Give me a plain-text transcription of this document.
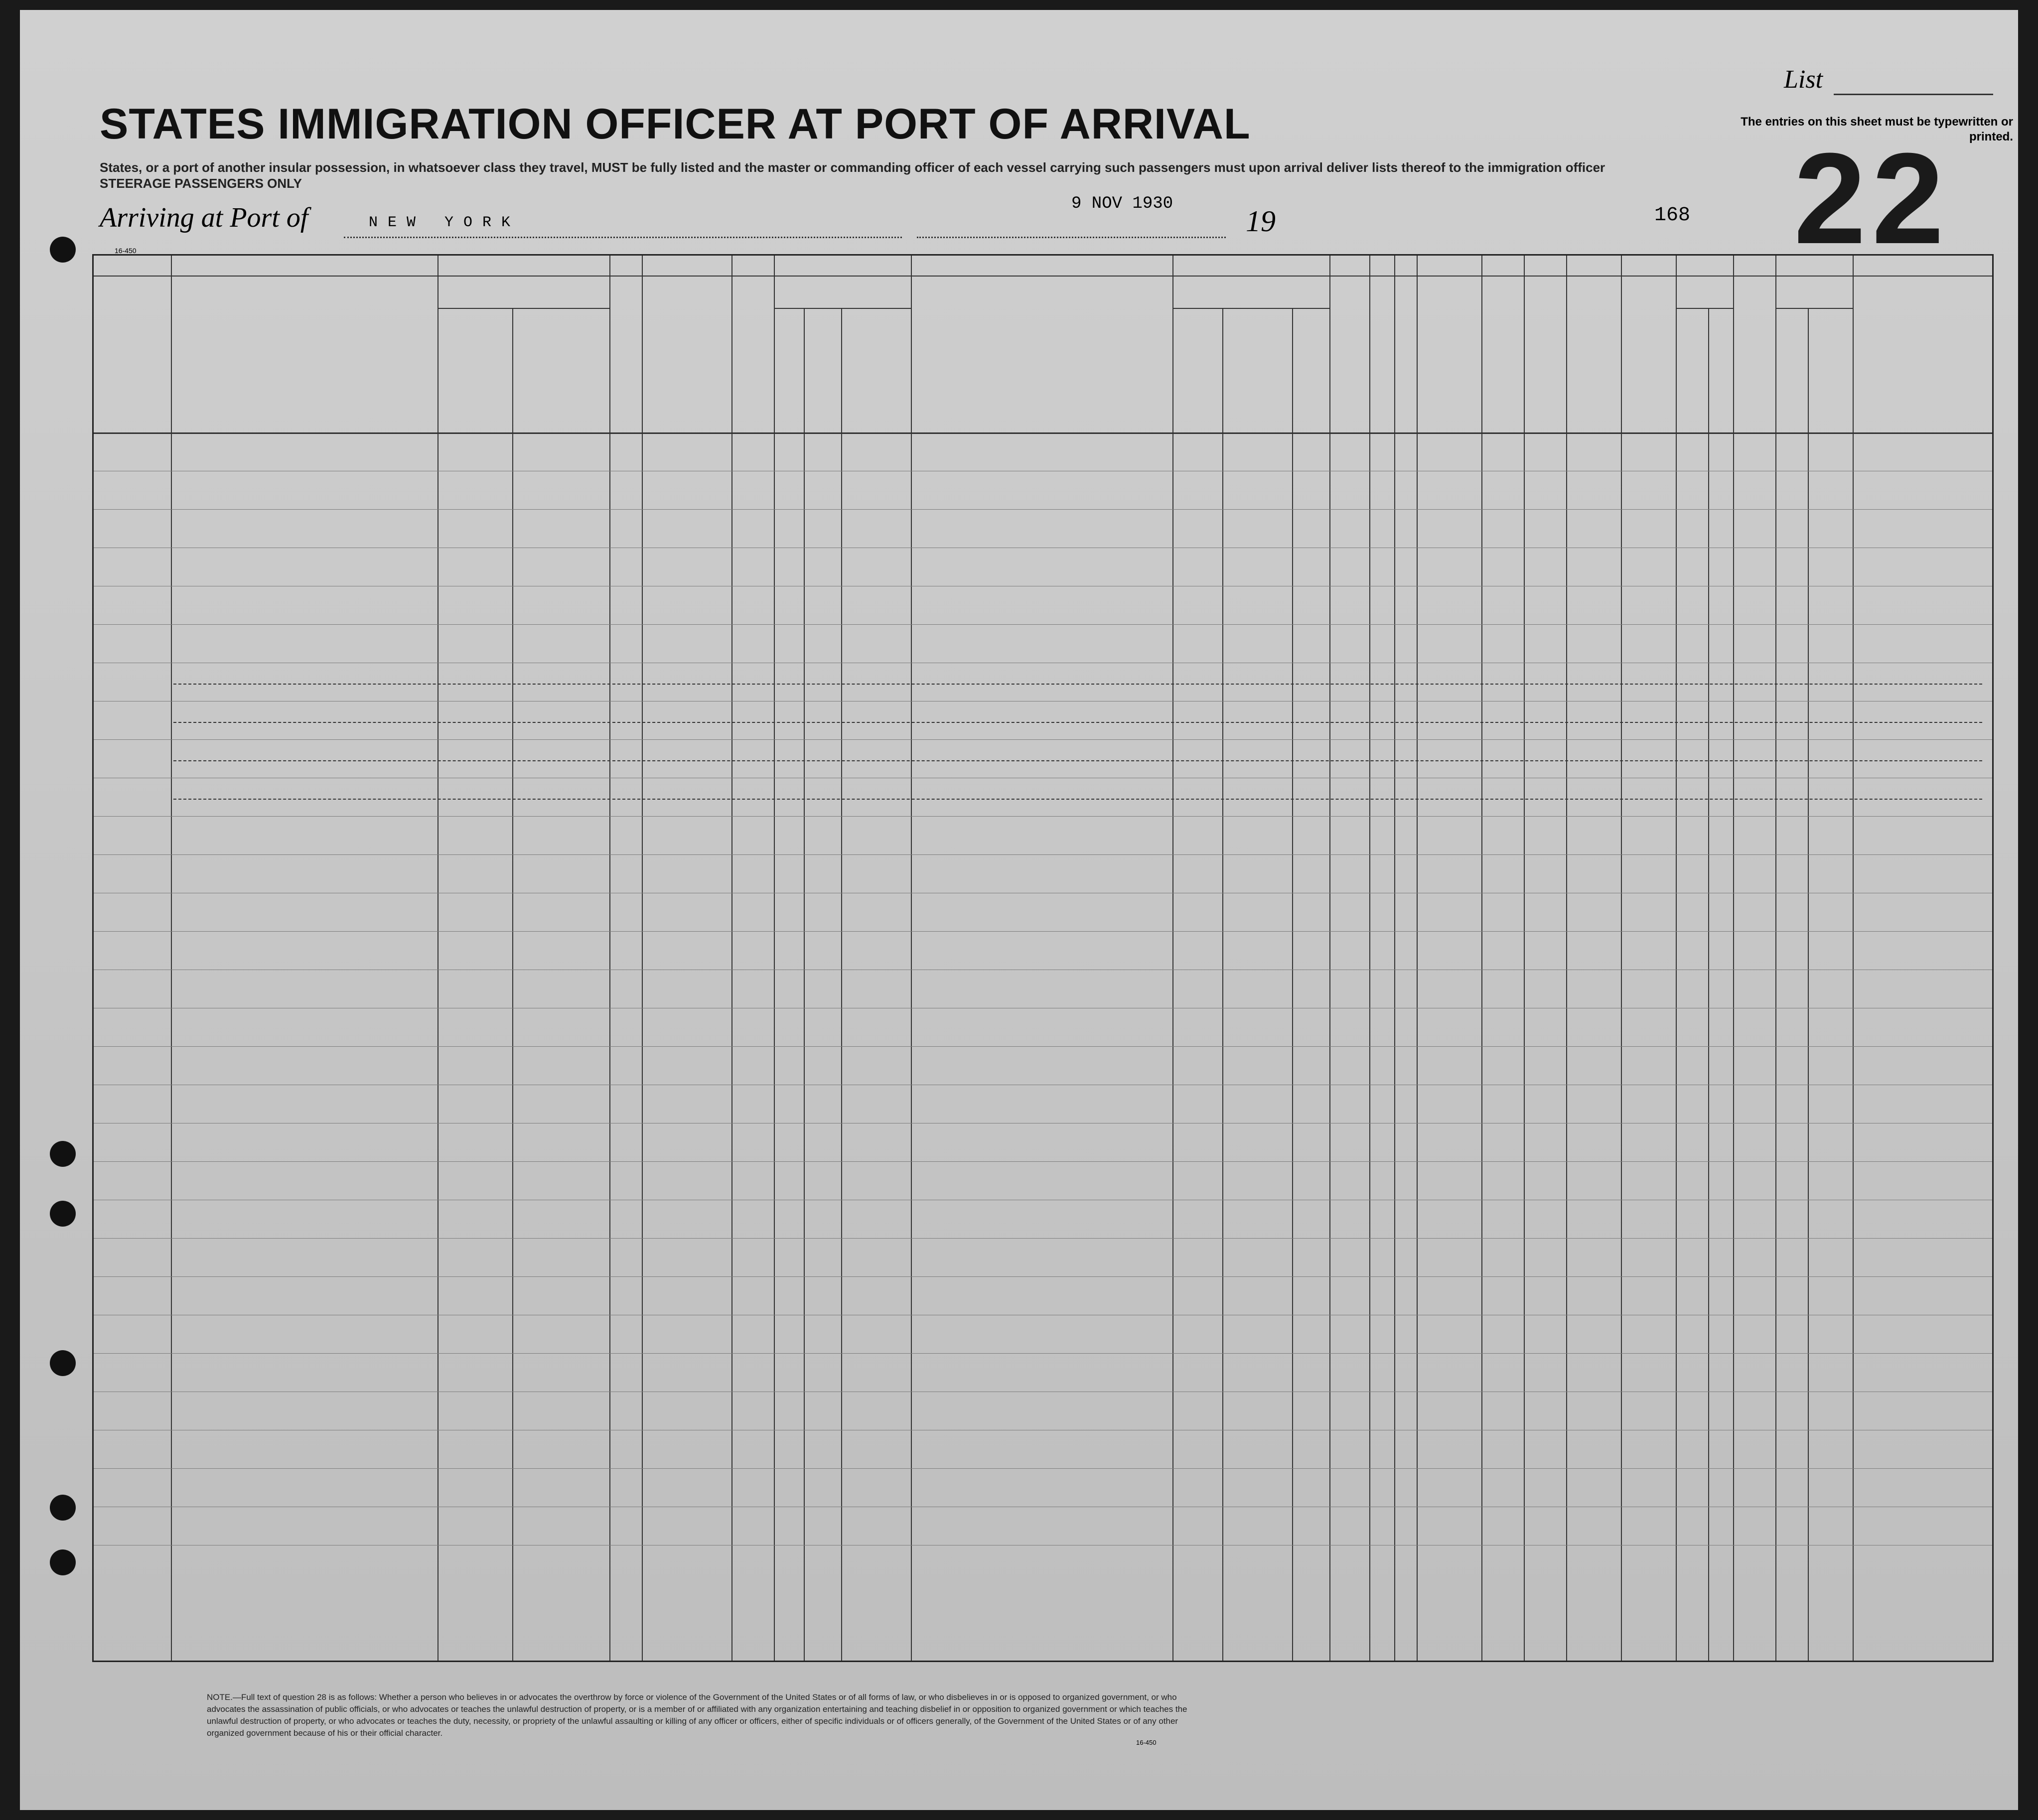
STATES IMMIGRATION OFFICER AT PORT OF ARRIVAL
States, or a port of another insular possession, in whatsoever class they travel, MUST be fully listed and the master or commanding officer of each vessel carrying such passengers must upon arrival deliver lists thereof to the immigration officer
STEERAGE PASSENGERS ONLY
List
The entries on this sheet must be typewritten or printed.
22
Arriving at Port of	NEW YORK
9 NOV 1930
19	168
16-450
NOTE.—Full text of question 28 is as follows: Whether a person who believes in or advocates the overthrow by force or violence of the Government of the United States or of all forms of law, or who disbelieves in or is opposed to organized government, or who advocates the assassination of public officials, or who advocates or teaches the unlawful destruction of property, or is a member of or affiliated with any organization entertaining and teaching disbelief in or opposition to organized government or which teaches the unlawful destruction of property, or who advocates or teaches the duty, necessity, or propriety of the unlawful assaulting or killing of any officer or officers, either of specific individuals or of officers generally, of the Government of the United States or of any other organized government because of his or their official character.
16-450
